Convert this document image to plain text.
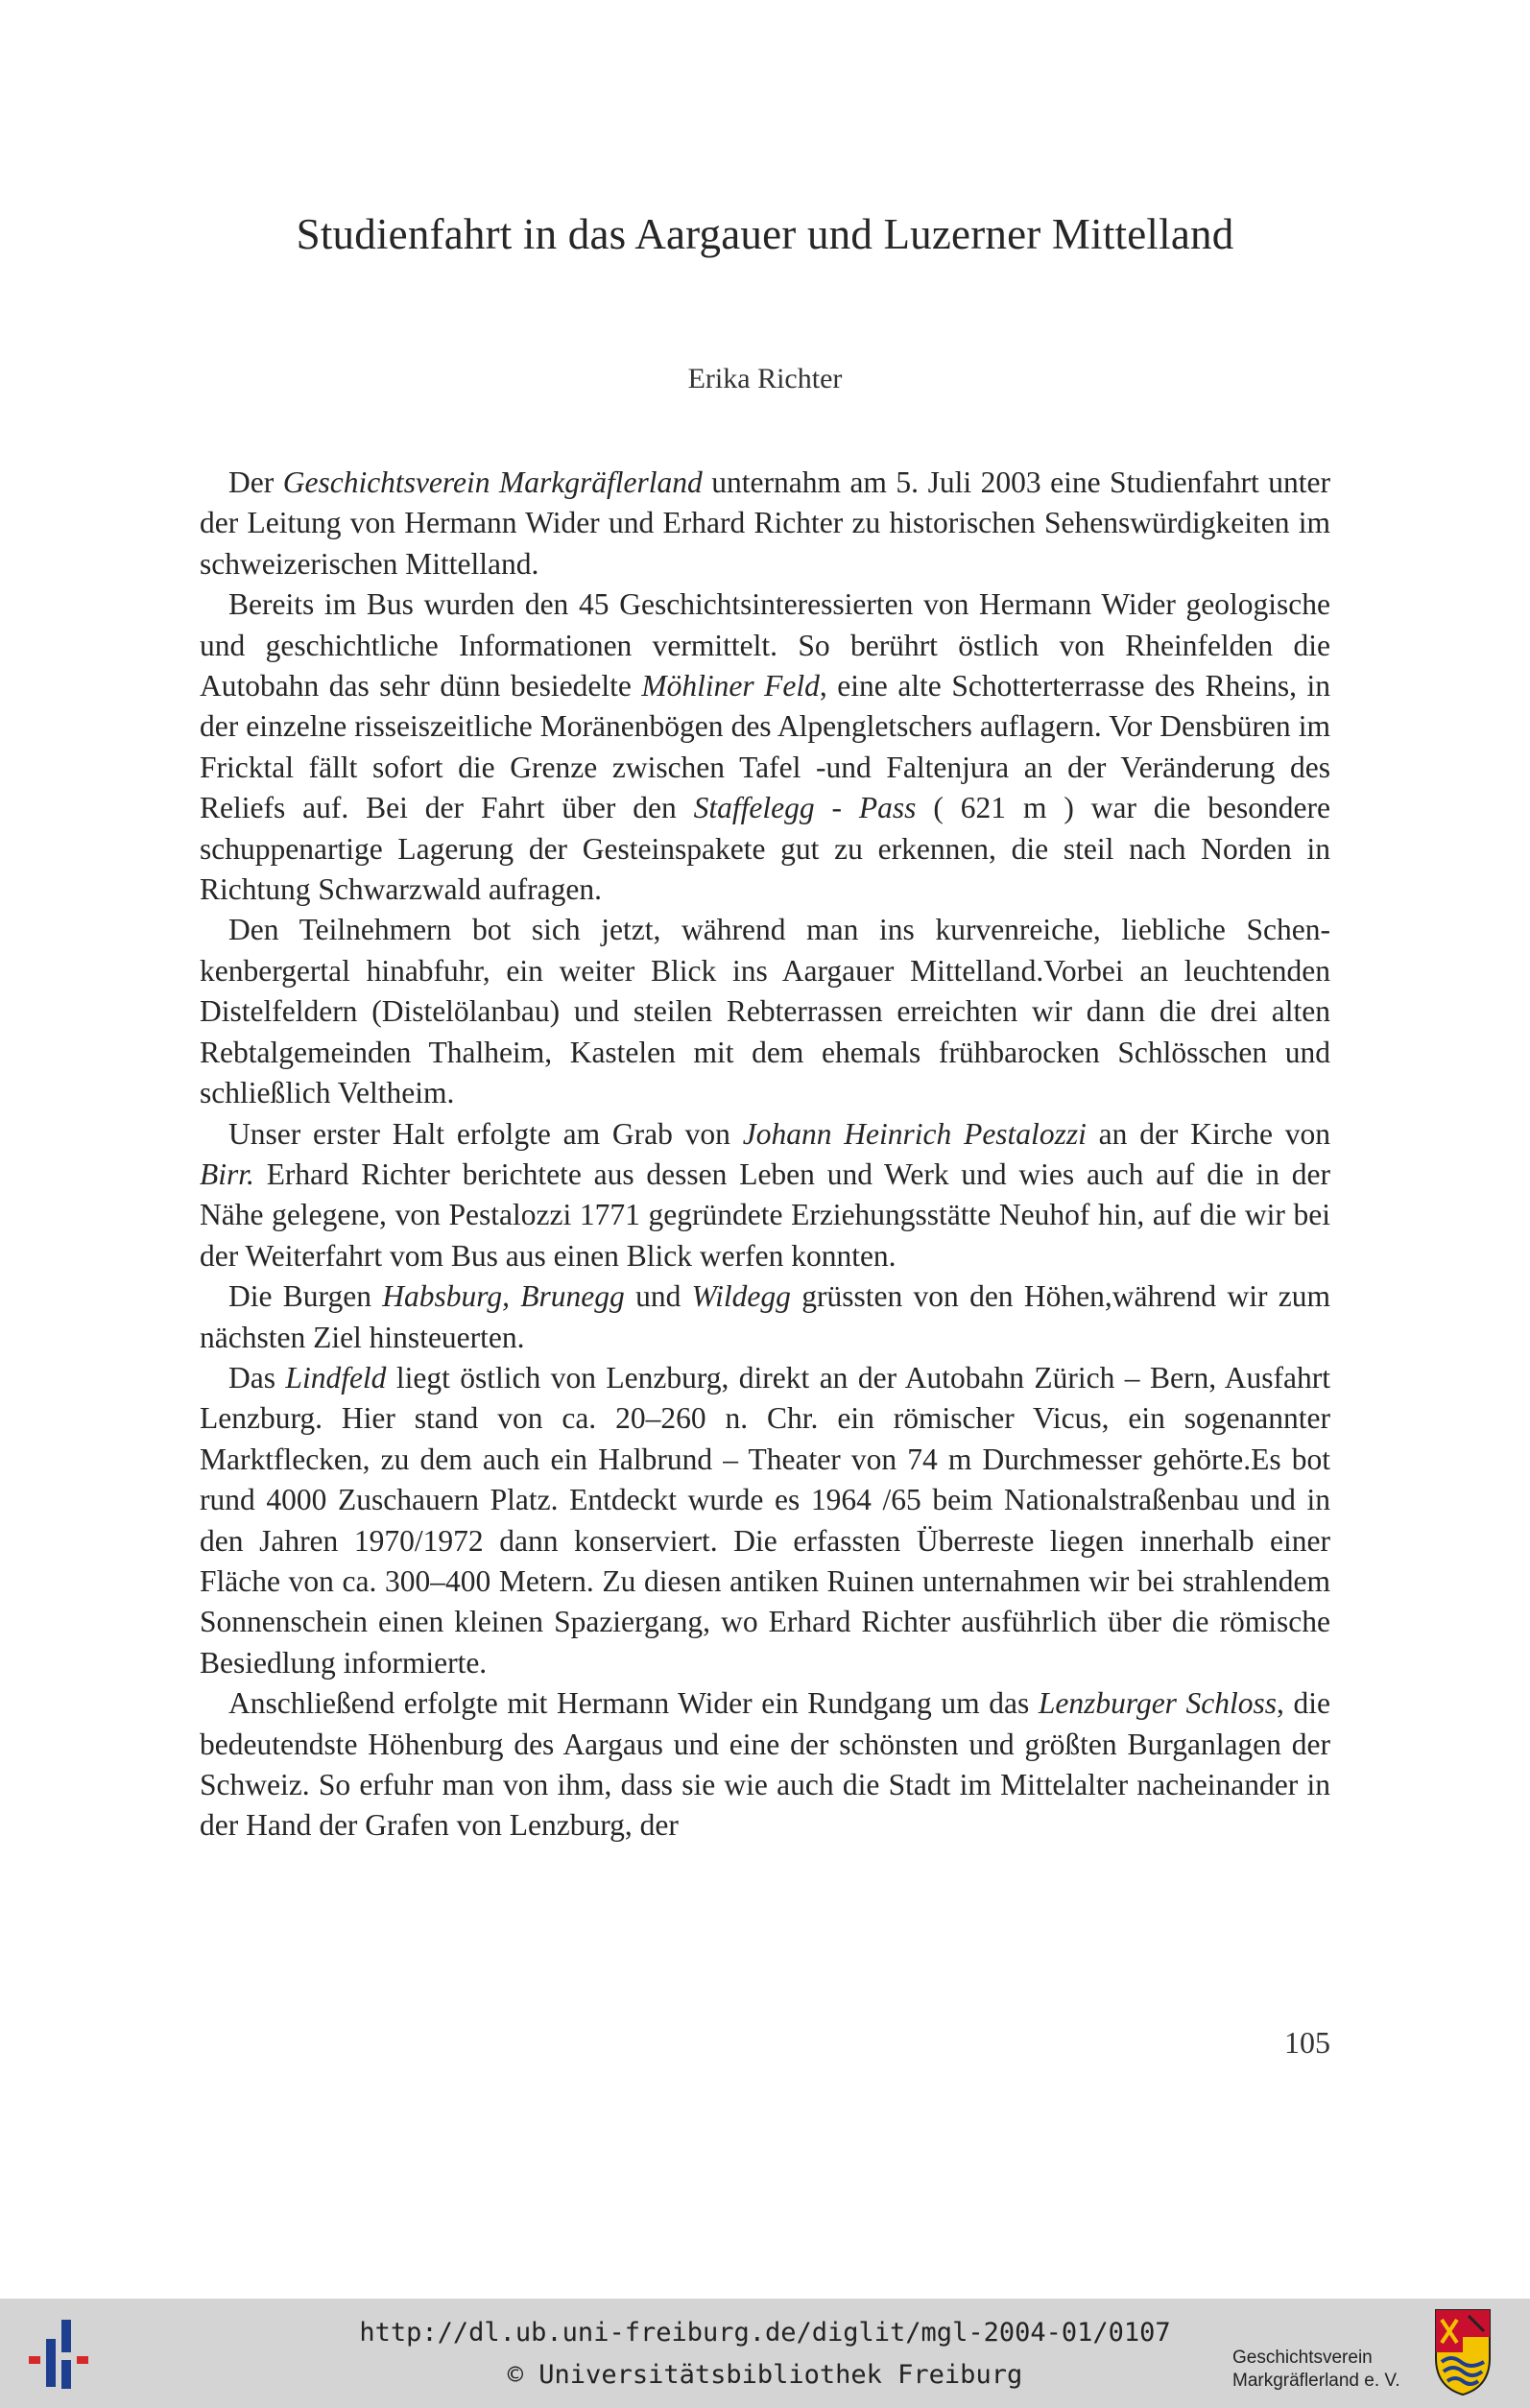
Studienfahrt in das Aargauer und Luzerner Mittelland
Erika Richter

Der Geschichtsverein Markgräflerland unternahm am 5. Juli 2003 eine Studienfahrt unter der Leitung von Hermann Wider und Erhard Richter zu historischen Sehenswürdigkeiten im schweizerischen Mittelland.

Bereits im Bus wurden den 45 Geschichtsinteressierten von Hermann Wider geologische und geschichtliche Informationen vermittelt. So berührt östlich von Rheinfelden die Autobahn das sehr dünn besiedelte Möhliner Feld, eine alte Schotterterrasse des Rheins, in der einzelne risseiszeitliche Moränenbögen des Alpengletschers auflagern. Vor Densbüren im Fricktal fällt sofort die Grenze zwischen Tafel -und Faltenjura an der Veränderung des Reliefs auf. Bei der Fahrt über den Staffelegg - Pass ( 621 m ) war die besondere schuppenartige Lagerung der Gesteinspakete gut zu erkennen, die steil nach Norden in Richtung Schwarzwald aufragen.

Den Teilnehmern bot sich jetzt, während man ins kurvenreiche, liebliche Schenkenbergertal hinabfuhr, ein weiter Blick ins Aargauer Mittelland.Vorbei an leuchtenden Distelfeldern (Distelölanbau) und steilen Rebterrassen erreichten wir dann die drei alten Rebtalgemeinden Thalheim, Kastelen mit dem ehemals frühbarocken Schlösschen und schließlich Veltheim.

Unser erster Halt erfolgte am Grab von Johann Heinrich Pestalozzi an der Kirche von Birr. Erhard Richter berichtete aus dessen Leben und Werk und wies auch auf die in der Nähe gelegene, von Pestalozzi 1771 gegründete Erziehungsstätte Neuhof hin, auf die wir bei der Weiterfahrt vom Bus aus einen Blick werfen konnten.

Die Burgen Habsburg, Brunegg und Wildegg grüssten von den Höhen,während wir zum nächsten Ziel hinsteuerten.

Das Lindfeld liegt östlich von Lenzburg, direkt an der Autobahn Zürich – Bern, Ausfahrt Lenzburg. Hier stand von ca. 20–260 n. Chr. ein römischer Vicus, ein sogenannter Marktflecken, zu dem auch ein Halbrund – Theater von 74 m Durchmesser gehörte.Es bot rund 4000 Zuschauern Platz. Entdeckt wurde es 1964 /65 beim Nationalstraßenbau und in den Jahren 1970/1972 dann konserviert. Die erfassten Überreste liegen innerhalb einer Fläche von ca. 300–400 Metern. Zu diesen antiken Ruinen unternahmen wir bei strahlendem Sonnenschein einen kleinen Spaziergang, wo Erhard Richter ausführlich über die römische Besiedlung informierte.

Anschließend erfolgte mit Hermann Wider ein Rundgang um das Lenzburger Schloss, die bedeutendste Höhenburg des Aargaus und eine der schönsten und größten Burganlagen der Schweiz. So erfuhr man von ihm, dass sie wie auch die Stadt im Mittelalter nacheinander in der Hand der Grafen von Lenzburg, der

105
http://dl.ub.uni-freiburg.de/diglit/mgl-2004-01/0107
© Universitätsbibliothek Freiburg
Geschichtsverein
Markgräflerland e. V.
